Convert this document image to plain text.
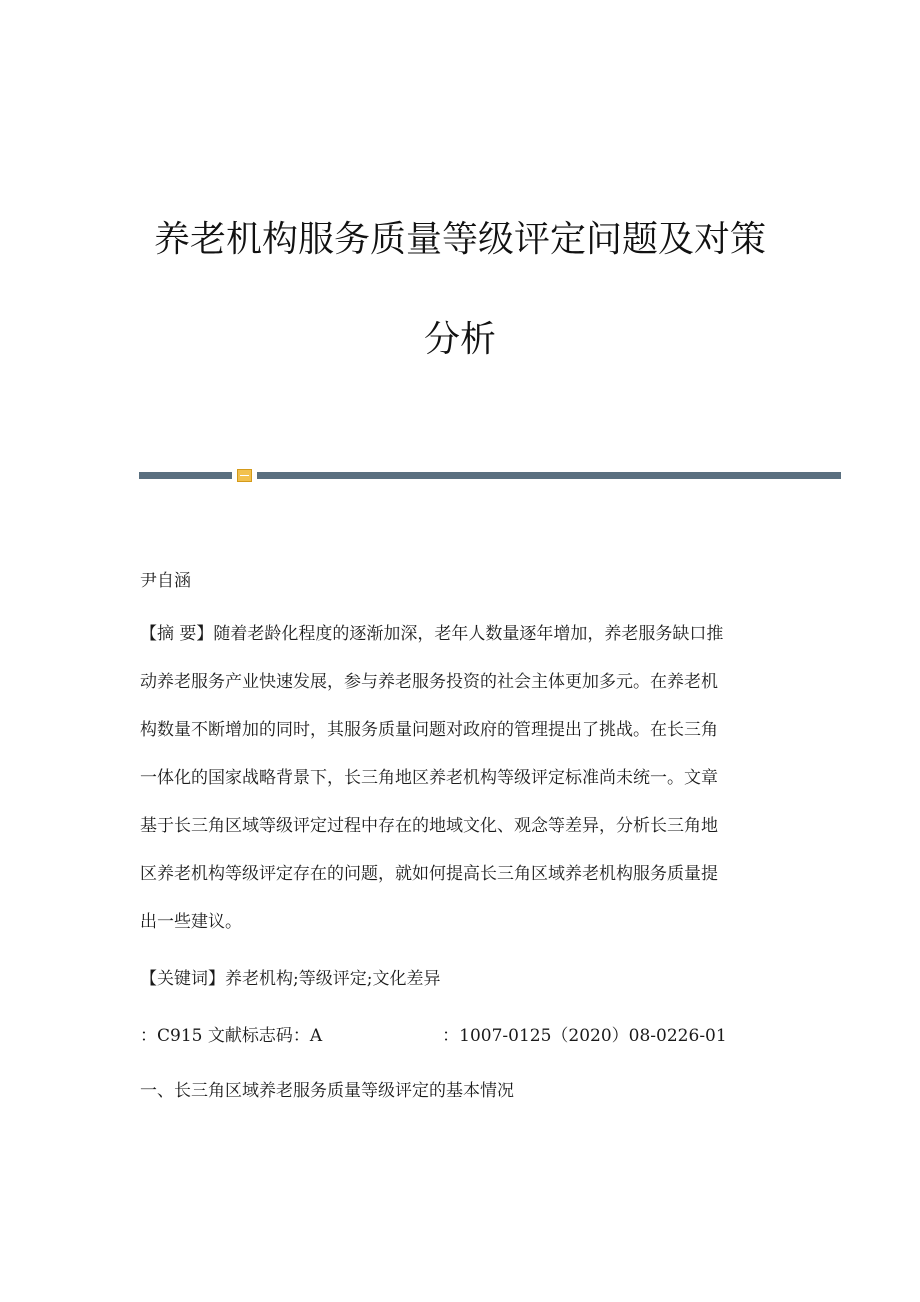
养老机构服务质量等级评定问题及对策
分析
尹自涵
【摘 要】随着老龄化程度的逐渐加深，老年人数量逐年增加，养老服务缺口推
动养老服务产业快速发展，参与养老服务投资的社会主体更加多元。在养老机
构数量不断增加的同时，其服务质量问题对政府的管理提出了挑战。在长三角
一体化的国家战略背景下，长三角地区养老机构等级评定标准尚未统一。文章
基于长三角区域等级评定过程中存在的地域文化、观念等差异，分析长三角地
区养老机构等级评定存在的问题，就如何提高长三角区域养老机构服务质量提
出一些建议。
【关键词】养老机构;等级评定;文化差异
：C915 文献标志码：A	：1007-0125（2020）08-0226-01
一、长三角区域养老服务质量等级评定的基本情况
